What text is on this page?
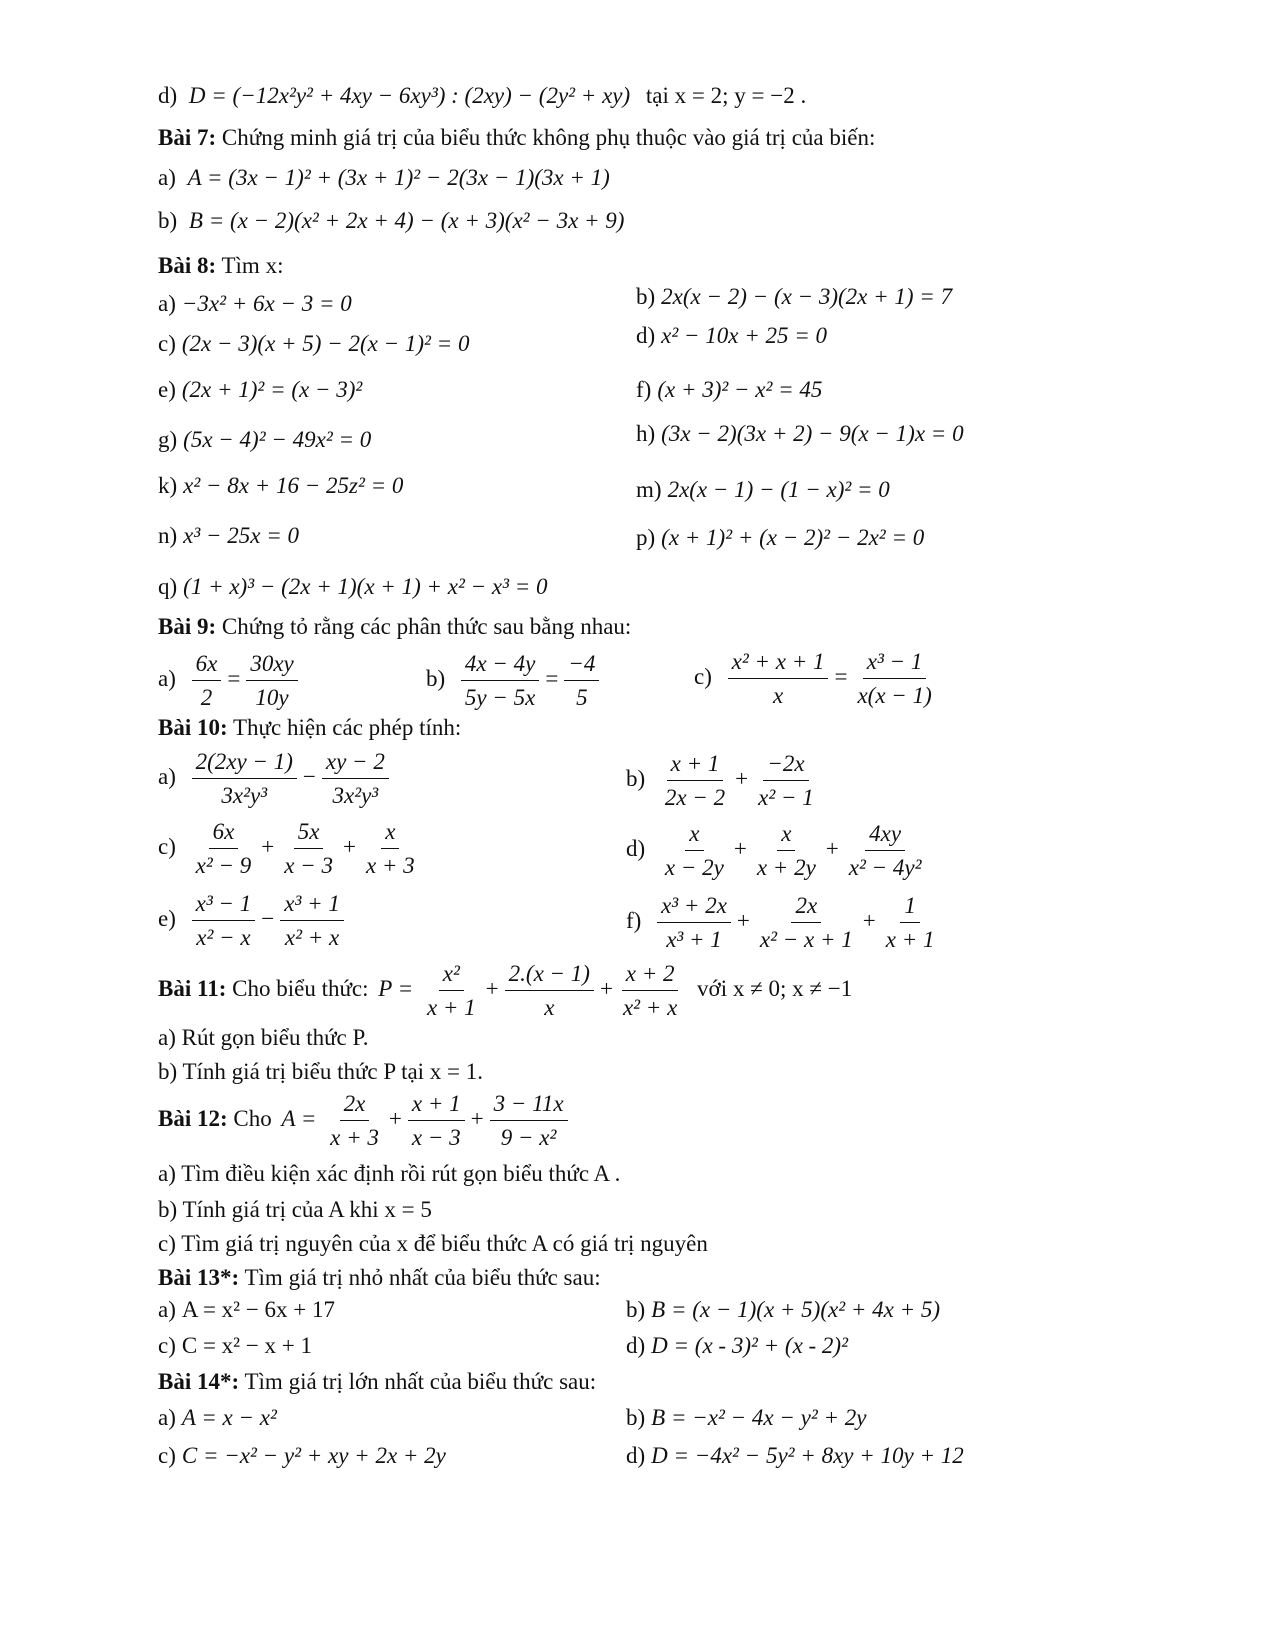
d) D = (−12x²y² + 4xy − 6xy³) : (2xy) − (2y² + xy) tại x = 2; y = −2 .
Bài 7: Chứng minh giá trị của biểu thức không phụ thuộc vào giá trị của biến:
a) A = (3x − 1)² + (3x + 1)² − 2(3x − 1)(3x + 1)
b) B = (x − 2)(x² + 2x + 4) − (x + 3)(x² − 3x + 9)
Bài 8: Tìm x:
a) −3x² + 6x − 3 = 0	b) 2x(x − 2) − (x − 3)(2x + 1) = 7
c) (2x − 3)(x + 5) − 2(x − 1)² = 0	d) x² − 10x + 25 = 0
e) (2x + 1)² = (x − 3)²	f) (x + 3)² − x² = 45
g) (5x − 4)² − 49x² = 0	h) (3x − 2)(3x + 2) − 9(x − 1)x = 0
k) x² − 8x + 16 − 25z² = 0	m) 2x(x − 1) − (1 − x)² = 0
n) x³ − 25x = 0	p) (x + 1)² + (x − 2)² − 2x² = 0
q) (1 + x)³ − (2x + 1)(x + 1) + x² − x³ = 0
Bài 9: Chứng tỏ rằng các phân thức sau bằng nhau:
$a) \frac{6x}{2} = \frac{30xy}{10y}$	$b) \frac{4x - 4y}{5y - 5x} = \frac{-4}{5}$	$c) \frac{\text{x² + x + 1}}{x} = \frac{\text{x³ − 1}}{x(x - 1)}$
Bài 10: Thực hiện các phép tính:
$a) \frac{2(2xy - 1)}{\text{3x²y³}} - \frac{xy - 2}{\text{3x²y³}}$	$b) \frac{x + 1}{2x - 2} + \frac{-2x}{\text{x² − 1}}$
$c) \frac{6x}{\text{x² − 9}} + \frac{5x}{x - 3} + \frac{x}{x + 3}$	$d) \frac{x}{x - 2y} + \frac{x}{x + 2y} + \frac{4xy}{\text{x² − 4y²}}$
$e) \frac{\text{x³ − 1}}{\text{x² − x}} - \frac{\text{x³ + 1}}{\text{x² + x}}$	$f) \frac{\text{x³ + 2x}}{\text{x³ + 1}} + \frac{2x}{\text{x² − x + 1}} + \frac{1}{x + 1}$
Bài 11: Cho biểu thức: $P = \frac{\text{x²}}{x + 1} + \frac{2.(x - 1)}{x} + \frac{x + 2}{\text{x² + x}}$ với x ≠ 0; x ≠ −1
a) Rút gọn biểu thức P.
b) Tính giá trị biểu thức P tại x = 1.
Bài 12: Cho $A = \frac{2x}{x + 3} + \frac{x + 1}{x - 3} + \frac{3 - 11x}{\text{9 − x²}}$
a) Tìm điều kiện xác định rồi rút gọn biểu thức A .
b) Tính giá trị của A khi x = 5
c) Tìm giá trị nguyên của x để biểu thức A có giá trị nguyên
Bài 13*: Tìm giá trị nhỏ nhất của biểu thức sau:
a) A = x² − 6x + 17	b) B = (x − 1)(x + 5)(x² + 4x + 5)
c) C = x² − x + 1	d) D = (x - 3)² + (x - 2)²
Bài 14*: Tìm giá trị lớn nhất của biểu thức sau:
a) A = x − x²	b) B = −x² − 4x − y² + 2y
c) C = −x² − y² + xy + 2x + 2y	d) D = −4x² − 5y² + 8xy + 10y + 12
